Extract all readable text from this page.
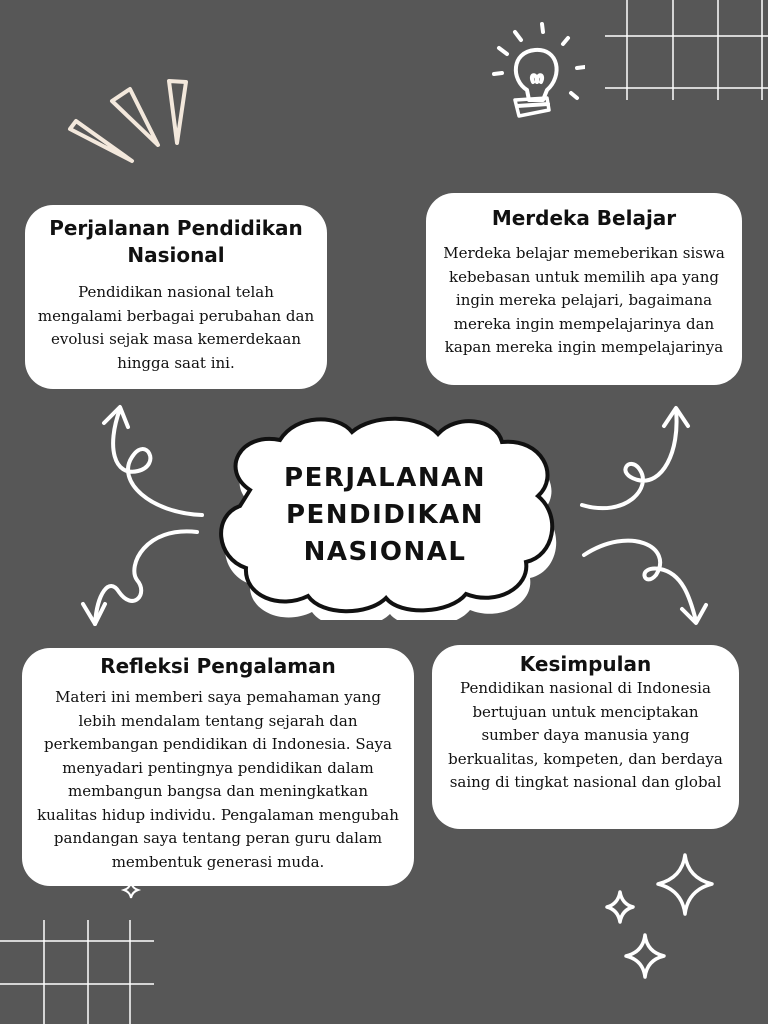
PERJALANAN
PENDIDIKAN
NASIONAL
Perjalanan Pendidikan Nasional

Pendidikan nasional telah mengalami berbagai perubahan dan evolusi sejak masa kemerdekaan hingga saat ini.

Merdeka Belajar

Merdeka belajar memeberikan siswa kebebasan untuk memilih apa yang ingin mereka pelajari, bagaimana mereka ingin mempelajarinya dan kapan mereka ingin mempelajarinya

Refleksi Pengalaman

Materi ini memberi saya pemahaman yang lebih mendalam tentang sejarah dan perkembangan pendidikan di Indonesia. Saya menyadari pentingnya pendidikan dalam membangun bangsa dan meningkatkan kualitas hidup individu. Pengalaman mengubah pandangan saya tentang peran guru dalam membentuk generasi muda.

Kesimpulan

Pendidikan nasional di Indonesia bertujuan untuk menciptakan sumber daya manusia yang berkualitas, kompeten, dan berdaya saing di tingkat nasional dan global
